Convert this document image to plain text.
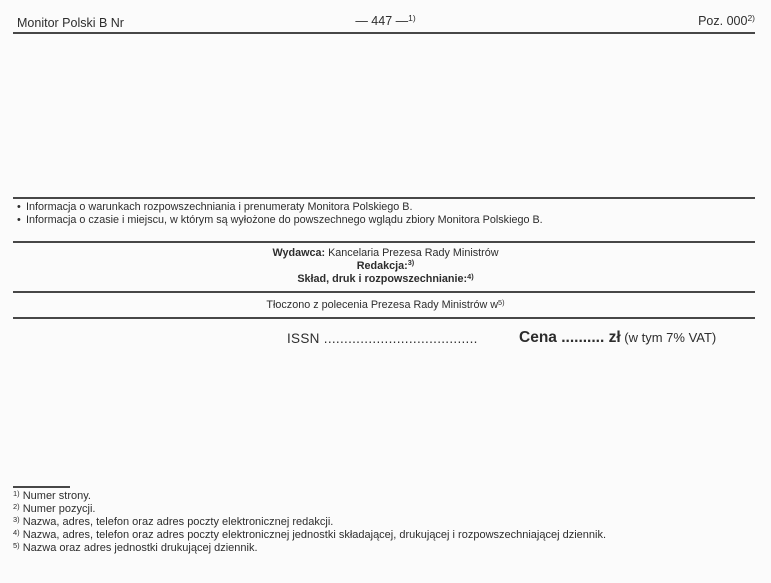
Monitor Polski B Nr	— 447 —$^{1)}$	Poz. 000$^{2)}$
• Informacja o warunkach rozpowszechniania i prenumeraty Monitora Polskiego B.
• Informacja o czasie i miejscu, w którym są wyłożone do powszechnego wglądu zbiory Monitora Polskiego B.
Wydawca: Kancelaria Prezesa Rady Ministrów
Redakcja:$^{3)}$
Skład, druk i rozpowszechnianie:$^{4)}$
Tłoczono z polecenia Prezesa Rady Ministrów $w^{5)}$
ISSN ......................................	Cena .......... zł (w tym 7% VAT)
$^{1)}$ Numer strony.
$^{2)}$ Numer pozycji.
$^{3)}$ Nazwa, adres, telefon oraz adres poczty elektronicznej redakcji.
$^{4)}$ Nazwa, adres, telefon oraz adres poczty elektronicznej jednostki składającej, drukującej i rozpowszechniającej dziennik.
$^{5)}$ Nazwa oraz adres jednostki drukującej dziennik.
